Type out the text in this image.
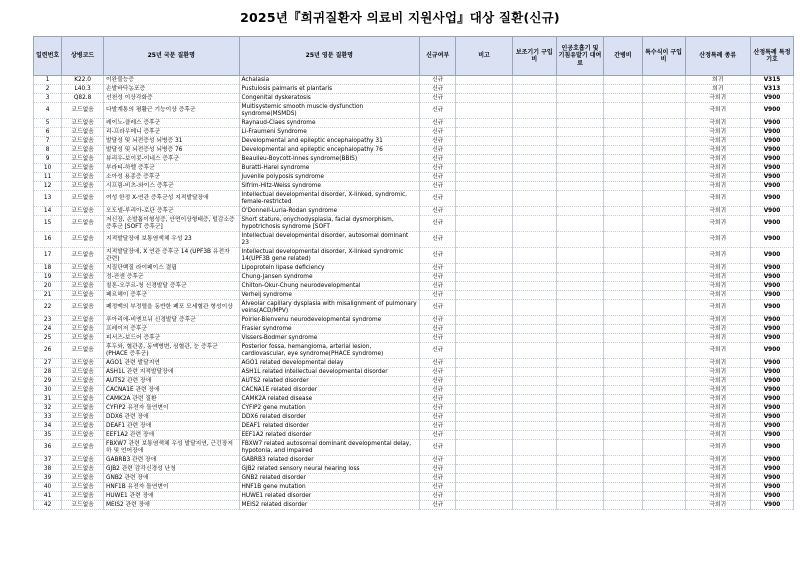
2025년『희귀질환자 의료비 지원사업』대상 질환(신규)
일련번호	상병코드	25년 국문 질환명	25년 영문 질환명	신규여부	비고	보조기기 구입비	인공호흡기 및 기침유발기 대여료	간병비	특수식이 구입비	산정특례 종류	산정특례 특정기호
1	K22.0	이완불능증	Achalasia	신규						희귀	V315
2	L40.3	손발바닥농포증	Pustulosis palmaris et plantaris	신규						희귀	V313
3	Q82.8	선천성 이상각화증	Congenital dyskeratosis	신규						극희귀	V900
4	코드없음	다발계통의 평활근 기능이상 증후군	Multisystemic smooth muscle dysfunction syndrome(MSMDS)	신규						극희귀	V900
5	코드없음	레이노-클레스 증후군	Raynaud-Claes syndrome	신규						극희귀	V900
6	코드없음	리-프라우메니 증후군	Li-Fraumeni Syndrome	신규						극희귀	V900
7	코드없음	발달성 및 뇌전증성 뇌병증 31	Developmental and epileptic encephalopathy 31	신규						극희귀	V900
8	코드없음	발달성 및 뇌전증성 뇌병증 76	Developmental and epileptic encephalopathy 76	신규						극희귀	V900
9	코드없음	뷰리우-보이콧-이네스 증후군	Beaulieu-Boycott-Innes syndrome(BBIS)	신규						극희귀	V900
10	코드없음	부라티-하렐 증후군	Buratti-Harel syndrome	신규						극희귀	V900
11	코드없음	소아성 용종증 증후군	Juvenile polyposis syndrome	신규						극희귀	V900
12	코드없음	시프림-비츠-와이스 증후군	Sifrim-Hitz-Weiss syndrome	신규						극희귀	V900
13	코드없음	여성 한정 X-연관 증후군성 지적발달장애	Intellectual developmental disorder, X-linked, syndromic, female-restricted	신규						극희귀	V900
14	코드없음	오도넬-루리아-로단 증후군	O'Donnell-Luria-Rodan syndrome	신규						극희귀	V900
15	코드없음	저신장, 손발톱이형성증, 안면이상형태증, 털감소증 증후군 [SOFT 증후군]	Short stature, onychodysplasia, facial dysmorphism, hypotrichosis syndrome [SOFT	신규						극희귀	V900
16	코드없음	지적발달장애 보통염색체 우성 23	Intellectual developmental disorder, autosomal dominant 23	신규						극희귀	V900
17	코드없음	지적발달장애, X 연관 증후군 14 (UPF3B 유전자 관련)	Intellectual developmental disorder, X-linked syndromic 14(UPF3B gene related)	신규						극희귀	V900
18	코드없음	지질단백질 라이페이스 결핍	Lipoprotein lipase deficiency	신규						극희귀	V900
19	코드없음	정-잔센 증후군	Chung-Jansen syndrome	신규						극희귀	V900
20	코드없음	칠톤-오쿠르-청 신경발달 증후군	Chilton-Okur-Chung neurodevelopmental	신규						극희귀	V900
21	코드없음	페르헤이 증후군	Verheij syndrome	신규						극희귀	V900
22	코드없음	폐정맥의 부정렬을 동반한 폐포 모세혈관 형성이상	Alveolar capillary dysplasia with misalignment of pulmonary veins(ACD/MPV)	신규						극희귀	V900
23	코드없음	푸아리에-비엔브뉘 신경발달 증후군	Poirier-Bienvenu neurodevelopmental syndrome	신규						극희귀	V900
24	코드없음	프레이저 증후군	Frasier syndrome	신규						극희귀	V900
25	코드없음	피서즈-보드어 증후군	Vissers-Bodmer syndrome	신규						극희귀	V900
26	코드없음	후두와, 혈관종, 동맥병변, 심혈관, 눈 증후군(PHACE 증후군)	Posterior fossa, hemangioma, arterial lesion, cardiovascular, eye syndrome(PHACE syndrome)	신규						극희귀	V900
27	코드없음	AGO1 관련 발달지연	AGO1 related developmental delay	신규						극희귀	V900
28	코드없음	ASH1L 관련 지적발달장애	ASH1L related intellectual developmental disorder	신규						극희귀	V900
29	코드없음	AUTS2 관련 장애	AUTS2 related disorder	신규						극희귀	V900
30	코드없음	CACNA1E 관련 장애	CACNA1E related disorder	신규						극희귀	V900
31	코드없음	CAMK2A 관련 질환	CAMK2A related disease	신규						극희귀	V900
32	코드없음	CYFIP2 유전자 돌연변이	CYFIP2 gene mutation	신규						극희귀	V900
33	코드없음	DDX6 관련 장애	DDX6 related disorder	신규						극희귀	V900
34	코드없음	DEAF1 관련 장애	DEAF1 related disorder	신규						극희귀	V900
35	코드없음	EEF1A2 관련 장애	EEF1A2 related disorder	신규						극희귀	V900
36	코드없음	FBXW7 관련 보통염색체 우성 발달지연, 근긴장저하 및 언어장애	FBXW7 related autosomal dominant developmental delay, hypotonia, and impaired	신규						극희귀	V900
37	코드없음	GABRB3 관련 장애	GABRB3 related disorder	신규						극희귀	V900
38	코드없음	GJB2 관련 감각신경성 난청	GJB2 related sensory neural hearing loss	신규						극희귀	V900
39	코드없음	GNB2 관련 장애	GNB2 related disorder	신규						극희귀	V900
40	코드없음	HNF1B 유전자 돌연변이	HNF1B gene mutation	신규						극희귀	V900
41	코드없음	HUWE1 관련 장애	HUWE1 related disorder	신규						극희귀	V900
42	코드없음	MEIS2 관련 장애	MEIS2 related disorder	신규						극희귀	V900
